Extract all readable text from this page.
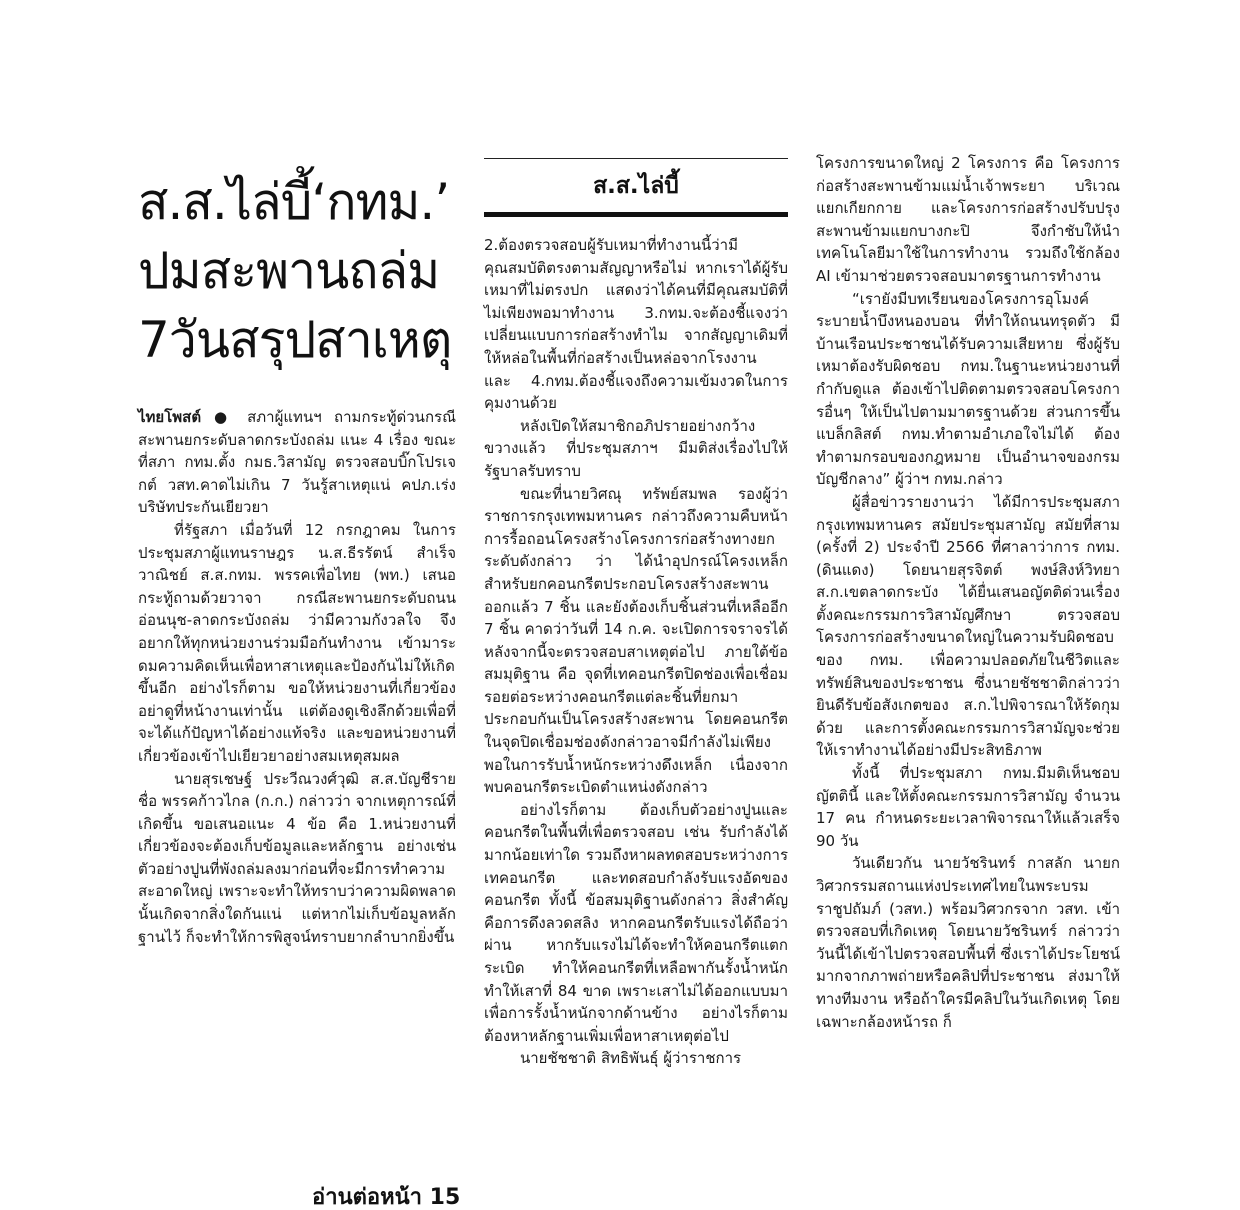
ส.ส.ไล่บี้‘กทม.’
ปมสะพานถล่ม
7วันสรุปสาเหตุ

ไทยโพสต์ ● สภาผู้แทนฯ ถามกระทู้ด่วนกรณีสะพานยกระดับลาดกระบังถล่ม แนะ 4 เรื่อง ขณะที่สภา กทม.ตั้ง กมธ.วิสามัญ ตรวจสอบบิ๊กโปรเจกต์ วสท.คาดไม่เกิน 7 วันรู้สาเหตุแน่ คปภ.เร่งบริษัทประกันเยียวยา

ที่รัฐสภา เมื่อวันที่ 12 กรกฎาคม ในการประชุมสภาผู้แทนราษฎร น.ส.ธีรรัตน์ สำเร็จวาณิชย์ ส.ส.กทม. พรรคเพื่อไทย (พท.) เสนอกระทู้ถามด้วยวาจา กรณีสะพานยกระดับถนนอ่อนนุช-ลาดกระบังถล่ม ว่ามีความกังวลใจ จึงอยากให้ทุกหน่วยงานร่วมมือกันทำงาน เข้ามาระดมความคิดเห็นเพื่อหาสาเหตุและป้องกันไม่ให้เกิดขึ้นอีก อย่างไรก็ตาม ขอให้หน่วยงานที่เกี่ยวข้องอย่าดูที่หน้างานเท่านั้น แต่ต้องดูเชิงลึกด้วยเพื่อที่จะได้แก้ปัญหาได้อย่างแท้จริง และขอหน่วยงานที่เกี่ยวข้องเข้าไปเยียวยาอย่างสมเหตุสมผล

นายสุรเชษฐ์ ประวีณวงศ์วุฒิ ส.ส.บัญชีรายชื่อ พรรคก้าวไกล (ก.ก.) กล่าวว่า จากเหตุการณ์ที่เกิดขึ้น ขอเสนอแนะ 4 ข้อ คือ 1.หน่วยงานที่เกี่ยวข้องจะต้องเก็บข้อมูลและหลักฐาน อย่างเช่น ตัวอย่างปูนที่พังถล่มลงมาก่อนที่จะมีการทำความสะอาดใหญ่ เพราะจะทำให้ทราบว่าความผิดพลาดนั้นเกิดจากสิ่งใดกันแน่ แต่หากไม่เก็บข้อมูลหลักฐานไว้ ก็จะทำให้การพิสูจน์ทราบยากลำบากยิ่งขึ้น

ส.ส.ไล่บี้

2.ต้องตรวจสอบผู้รับเหมาที่ทำงานนี้ว่ามีคุณสมบัติตรงตามสัญญาหรือไม่ หากเราได้ผู้รับเหมาที่ไม่ตรงปก แสดงว่าได้คนที่มีคุณสมบัติที่ไม่เพียงพอมาทำงาน 3.กทม.จะต้องชี้แจงว่าเปลี่ยนแบบการก่อสร้างทำไม จากสัญญาเดิมที่ให้หล่อในพื้นที่ก่อสร้างเป็นหล่อจากโรงงาน และ 4.กทม.ต้องชี้แจงถึงความเข้มงวดในการคุมงานด้วย

หลังเปิดให้สมาชิกอภิปรายอย่างกว้างขวางแล้ว ที่ประชุมสภาฯ มีมติส่งเรื่องไปให้รัฐบาลรับทราบ

ขณะที่นายวิศณุ ทรัพย์สมพล รองผู้ว่าราชการกรุงเทพมหานคร กล่าวถึงความคืบหน้าการรื้อถอนโครงสร้างโครงการก่อสร้างทางยกระดับดังกล่าว ว่า ได้นำอุปกรณ์โครงเหล็กสำหรับยกคอนกรีตประกอบโครงสร้างสะพานออกแล้ว 7 ชิ้น และยังต้องเก็บชิ้นส่วนที่เหลืออีก 7 ชิ้น คาดว่าวันที่ 14 ก.ค. จะเปิดการจราจรได้ หลังจากนี้จะตรวจสอบสาเหตุต่อไป ภายใต้ข้อสมมุติฐาน คือ จุดที่เทคอนกรีตปิดช่องเพื่อเชื่อมรอยต่อระหว่างคอนกรีตแต่ละชิ้นที่ยกมาประกอบกันเป็นโครงสร้างสะพาน โดยคอนกรีตในจุดปิดเชื่อมช่องดังกล่าวอาจมีกำลังไม่เพียงพอในการรับน้ำหนักระหว่างดึงเหล็ก เนื่องจากพบคอนกรีตระเบิดตำแหน่งดังกล่าว

อย่างไรก็ตาม ต้องเก็บตัวอย่างปูนและคอนกรีตในพื้นที่เพื่อตรวจสอบ เช่น รับกำลังได้มากน้อยเท่าใด รวมถึงหาผลทดสอบระหว่างการเทคอนกรีต และทดสอบกำลังรับแรงอัดของคอนกรีต ทั้งนี้ ข้อสมมุติฐานดังกล่าว สิ่งสำคัญคือการดึงลวดสลิง หากคอนกรีตรับแรงได้ถือว่าผ่าน หากรับแรงไม่ได้จะทำให้คอนกรีตแตกระเบิด ทำให้คอนกรีตที่เหลือพากันรั้งน้ำหนักทำให้เสาที่ 84 ขาด เพราะเสาไม่ได้ออกแบบมาเพื่อการรั้งน้ำหนักจากด้านข้าง อย่างไรก็ตามต้องหาหลักฐานเพิ่มเพื่อหาสาเหตุต่อไป

นายชัชชาติ สิทธิพันธุ์ ผู้ว่าราชการ

โครงการขนาดใหญ่ 2 โครงการ คือ โครงการก่อสร้างสะพานข้ามแม่น้ำเจ้าพระยา บริเวณแยกเกียกกาย และโครงการก่อสร้างปรับปรุงสะพานข้ามแยกบางกะปิ จึงกำชับให้นำเทคโนโลยีมาใช้ในการทำงาน รวมถึงใช้กล้อง AI เข้ามาช่วยตรวจสอบมาตรฐานการทำงาน

“เรายังมีบทเรียนของโครงการอุโมงค์ระบายน้ำบึงหนองบอน ที่ทำให้ถนนทรุดตัว มีบ้านเรือนประชาชนได้รับความเสียหาย ซึ่งผู้รับเหมาต้องรับผิดชอบ กทม.ในฐานะหน่วยงานที่กำกับดูแล ต้องเข้าไปติดตามตรวจสอบโครงการอื่นๆ ให้เป็นไปตามมาตรฐานด้วย ส่วนการขึ้นแบล็กลิสต์ กทม.ทำตามอำเภอใจไม่ได้ ต้องทำตามกรอบของกฎหมาย เป็นอำนาจของกรมบัญชีกลาง” ผู้ว่าฯ กทม.กล่าว

ผู้สื่อข่าวรายงานว่า ได้มีการประชุมสภากรุงเทพมหานคร สมัยประชุมสามัญ สมัยที่สาม (ครั้งที่ 2) ประจำปี 2566 ที่ศาลาว่าการ กทม. (ดินแดง) โดยนายสุรจิตต์ พงษ์สิงห์วิทยา ส.ก.เขตลาดกระบัง ได้ยื่นเสนอญัตติด่วนเรื่องตั้งคณะกรรมการวิสามัญศึกษา ตรวจสอบโครงการก่อสร้างขนาดใหญ่ในความรับผิดชอบของ กทม. เพื่อความปลอดภัยในชีวิตและทรัพย์สินของประชาชน ซึ่งนายชัชชาติกล่าวว่ายินดีรับข้อสังเกตของ ส.ก.ไปพิจารณาให้รัดกุมด้วย และการตั้งคณะกรรมการวิสามัญจะช่วยให้เราทำงานได้อย่างมีประสิทธิภาพ

ทั้งนี้ ที่ประชุมสภา กทม.มีมติเห็นชอบญัตตินี้ และให้ตั้งคณะกรรมการวิสามัญ จำนวน 17 คน กำหนดระยะเวลาพิจารณาให้แล้วเสร็จ 90 วัน

วันเดียวกัน นายวัชรินทร์ กาสลัก นายกวิศวกรรมสถานแห่งประเทศไทยในพระบรมราชูปถัมภ์ (วสท.) พร้อมวิศวกรจาก วสท. เข้าตรวจสอบที่เกิดเหตุ โดยนายวัชรินทร์ กล่าวว่า วันนี้ได้เข้าไปตรวจสอบพื้นที่ ซึ่งเราได้ประโยชน์มากจากภาพถ่ายหรือคลิปที่ประชาชน ส่งมาให้ทางทีมงาน หรือถ้าใครมีคลิปในวันเกิดเหตุ โดยเฉพาะกล้องหน้ารถ ก็

อ่านต่อหน้า 15
